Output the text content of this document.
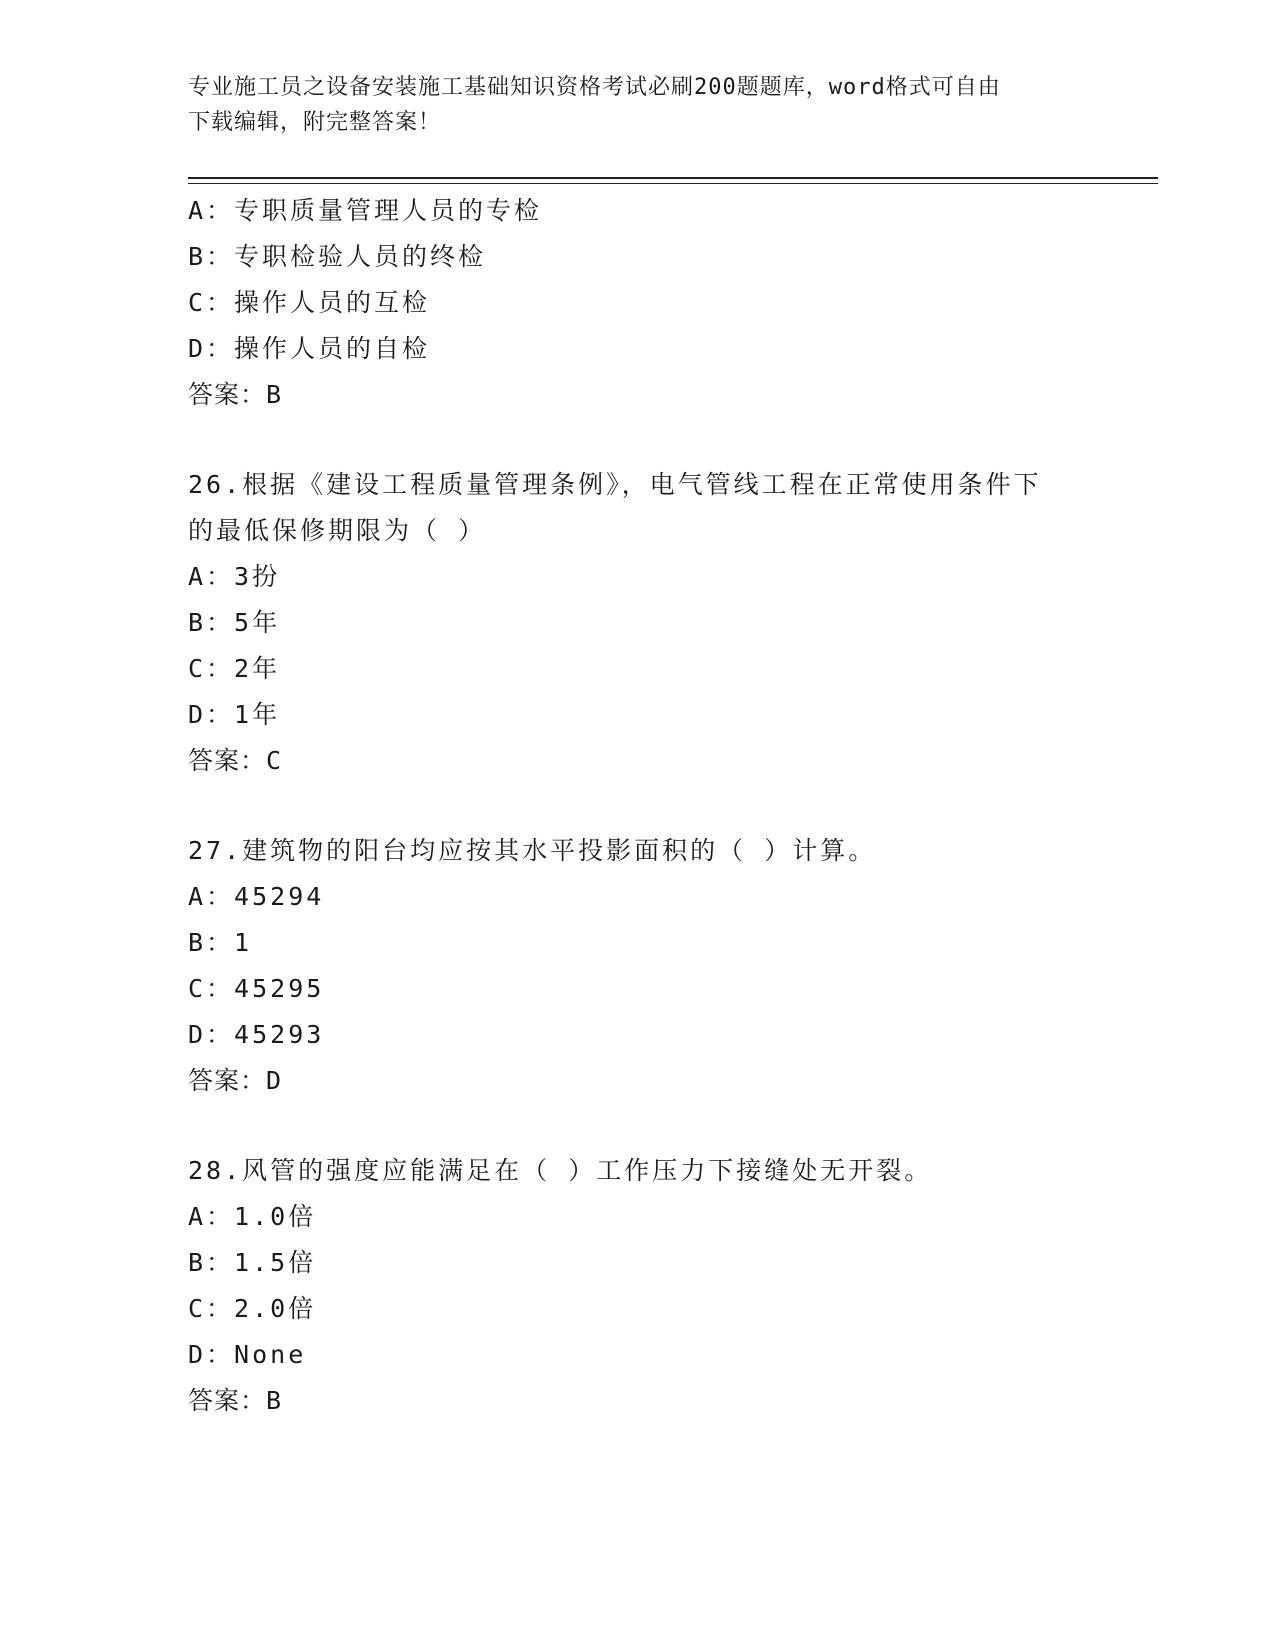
专业施工员之设备安装施工基础知识资格考试必刷200题题库，word格式可自由
下载编辑，附完整答案！
A：专职质量管理人员的专检
B：专职检验人员的终检
C：操作人员的互检
D：操作人员的自检
答案：B
26.根据《建设工程质量管理条例》，电气管线工程在正常使用条件下
的最低保修期限为（ ）
A：3扮
B：5年
C：2年
D：1年
答案：C
27.建筑物的阳台均应按其水平投影面积的（ ）计算。
A：45294
B：1
C：45295
D：45293
答案：D
28.风管的强度应能满足在（ ）工作压力下接缝处无开裂。
A：1.0倍
B：1.5倍
C：2.0倍
D：None
答案：B
